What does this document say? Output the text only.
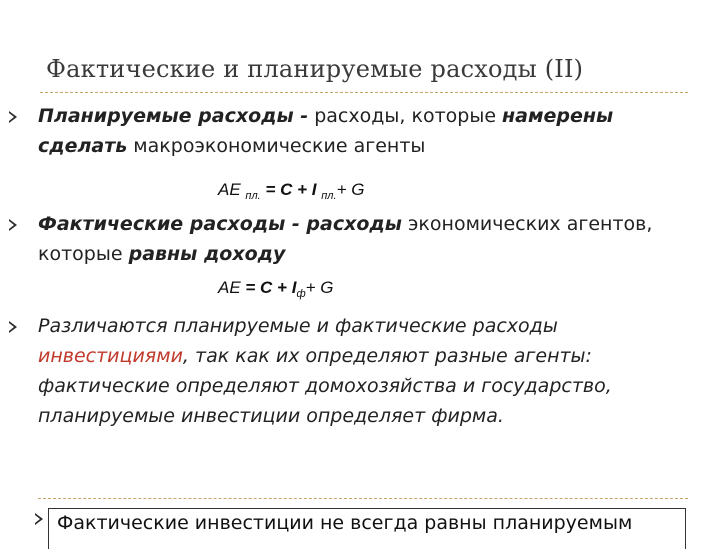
Фактические и планируемые расходы (II)
Планируемые расходы - расходы, которые намерены сделать макроэкономические агенты
AE $_{пл.}$ = C + I $_{пл.}$+ G
Фактические расходы - расходы экономических агентов, которые равны доходу
AE = $C + I_ф+ G$
Различаются планируемые и фактические расходы инвестициями, так как их определяют разные агенты: фактические определяют домохозяйства и государство, планируемые инвестиции определяет фирма.
Фактические инвестиции не всегда равны планируемым
